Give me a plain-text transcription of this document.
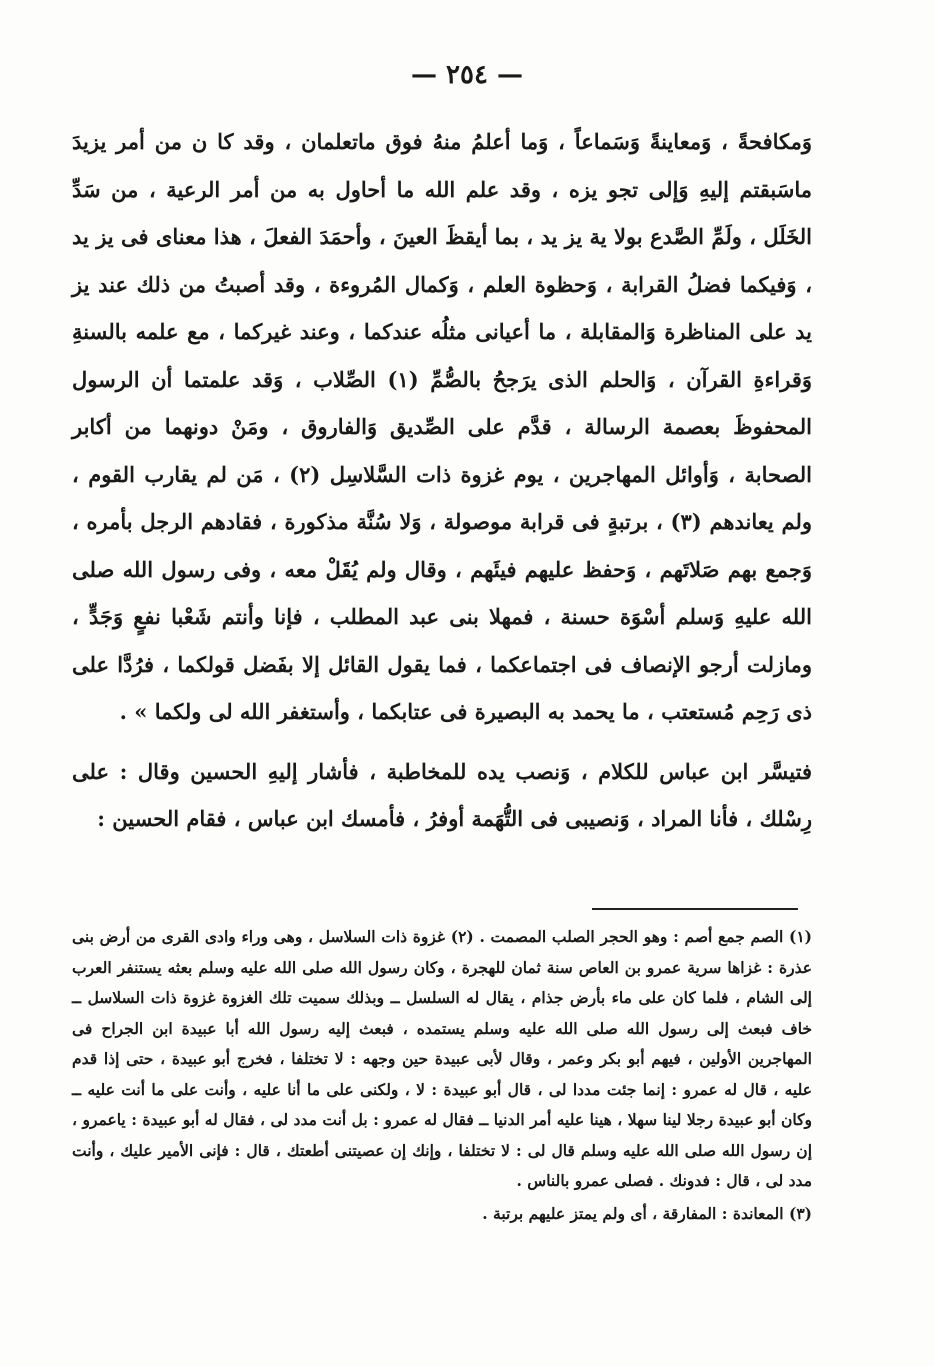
— ٢٥٤ —

وَمكافحةً ، وَمعاينةً وَسَماعاً ، وَما أعلمُ منهُ فوق ماتعلمان ، وقد كا ن من أمر يزيدَ ماسَبقتم إليهِ وَإلى تجو يزه ، وقد علم الله ما أحاول به من أمر الرعية ، من سَدِّ الخَلَل ، ولَمِّ الصَّدع بولا ية يز يد ، بما أيقظَ العينَ ، وأحمَدَ الفعلَ ، هذا معناى فى يز يد ، وَفيكما فضلُ القرابة ، وَحظوة العلم ، وَكمال المُروءة ، وقد أصبتُ من ذلك عند يز يد على المناظرة وَالمقابلة ، ما أعيانى مثلُه عندكما ، وعند غيركما ، مع علمه بالسنةِ وَقراءةِ القرآن ، وَالحلم الذى يرَجحُ بالصُّمِّ (١) الصِّلاب ، وَقد علمتما أن الرسول المحفوظَ بعصمة الرسالة ، قدَّم على الصِّديق وَالفاروق ، ومَنْ دونهما من أكابر الصحابة ، وَأوائل المهاجرين ، يوم غزوة ذات السَّلاسِل (٢) ، مَن لم يقارب القوم ، ولم يعاندهم (٣) ، برتبةٍ فى قرابة موصولة ، وَلا سُنَّة مذكورة ، فقادهم الرجل بأمره ، وَجمع بهم صَلاتَهم ، وَحفظ عليهم فيئَهم ، وقال ولم يُقَلْ معه ، وفى رسول الله صلى الله عليهِ وَسلم أسْوَة حسنة ، فمهلا بنى عبد المطلب ، فإنا وأنتم شَعْبا نفعٍ وَجَدٍّ ، ومازلت أرجو الإنصاف فى اجتماعكما ، فما يقول القائل إلا بفَضل قولكما ، فرُدَّا على ذى رَحِم مُستعتب ، ما يحمد به البصيرة فى عتابكما ، وأستغفر الله لى ولكما » .

فتيسَّر ابن عباس للكلام ، وَنصب يده للمخاطبة ، فأشار إليهِ الحسين وقال : على رِسْلك ، فأنا المراد ، وَنصيبى فى التُّهَمة أوفرُ ، فأمسك ابن عباس ، فقام الحسين :

(١) الصم جمع أصم : وهو الحجر الصلب المصمت . (٢) غزوة ذات السلاسل ، وهى وراء وادى القرى من أرض بنى عذرة : غزاها سرية عمرو بن العاص سنة ثمان للهجرة ، وكان رسول الله صلى الله عليه وسلم بعثه يستنفر العرب إلى الشام ، فلما كان على ماء بأرض جذام ، يقال له السلسل ــ وبذلك سميت تلك الغزوة غزوة ذات السلاسل ــ خاف فبعث إلى رسول الله صلى الله عليه وسلم يستمده ، فبعث إليه رسول الله أبا عبيدة ابن الجراح فى المهاجرين الأولين ، فيهم أبو بكر وعمر ، وقال لأبى عبيدة حين وجهه : لا تختلفا ، فخرج أبو عبيدة ، حتى إذا قدم عليه ، قال له عمرو : إنما جئت مددا لى ، قال أبو عبيدة : لا ، ولكنى على ما أنا عليه ، وأنت على ما أنت عليه ــ وكان أبو عبيدة رجلا لينا سهلا ، هينا عليه أمر الدنيا ــ فقال له عمرو : بل أنت مدد لى ، فقال له أبو عبيدة : ياعمرو ، إن رسول الله صلى الله عليه وسلم قال لى : لا تختلفا ، وإنك إن عصيتنى أطعتك ، قال : فإنى الأمير عليك ، وأنت مدد لى ، قال : فدونك . فصلى عمرو بالناس .

(٣) المعاندة : المفارقة ، أى ولم يمتز عليهم برتبة .
